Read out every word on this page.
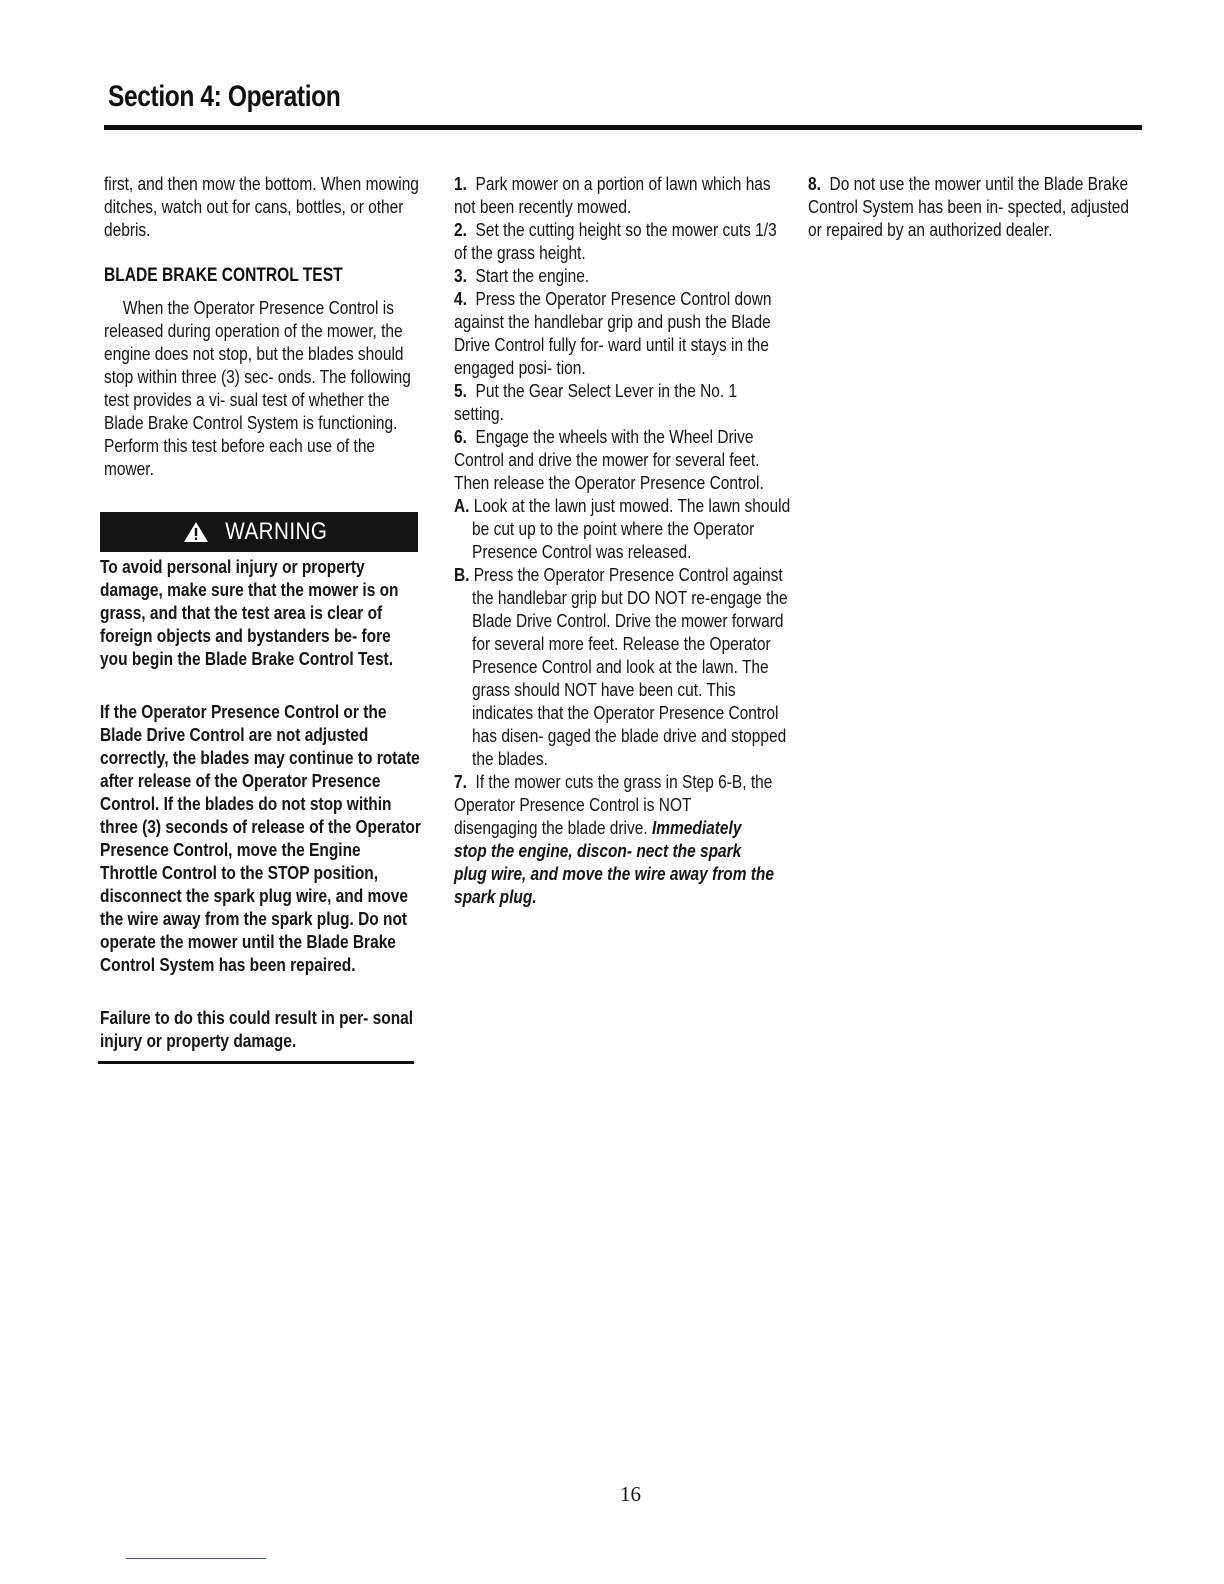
Section 4: Operation

first, and then mow the bottom. When mowing ditches, watch out for cans, bottles, or other debris.

BLADE BRAKE CONTROL TEST

When the Operator Presence Control is released during operation of the mower, the engine does not stop, but the blades should stop within three (3) sec- onds. The following test provides a vi- sual test of whether the Blade Brake Control System is functioning. Perform this test before each use of the mower.

WARNING

To avoid personal injury or property damage, make sure that the mower is on grass, and that the test area is clear of foreign objects and bystanders be- fore you begin the Blade Brake Control Test.

If the Operator Presence Control or the Blade Drive Control are not adjusted correctly, the blades may continue to rotate after release of the Operator Presence Control. If the blades do not stop within three (3) seconds of release of the Operator Presence Control, move the Engine Throttle Control to the STOP position, disconnect the spark plug wire, and move the wire away from the spark plug. Do not operate the mower until the Blade Brake Control System has been repaired.

Failure to do this could result in per- sonal injury or property damage.

1. Park mower on a portion of lawn which has not been recently mowed.

2. Set the cutting height so the mower cuts 1/3 of the grass height.

3. Start the engine.

4. Press the Operator Presence Control down against the handlebar grip and push the Blade Drive Control fully for- ward until it stays in the engaged posi- tion.

5. Put the Gear Select Lever in the No. 1 setting.

6. Engage the wheels with the Wheel Drive Control and drive the mower for several feet. Then release the Operator Presence Control.

A. Look at the lawn just mowed. The lawn should be cut up to the point where the Operator Presence Control was released.

B. Press the Operator Presence Control against the handlebar grip but DO NOT re-engage the Blade Drive Control. Drive the mower forward for several more feet. Release the Operator Presence Control and look at the lawn. The grass should NOT have been cut. This indicates that the Operator Presence Control has disen- gaged the blade drive and stopped the blades.

7. If the mower cuts the grass in Step 6-B, the Operator Presence Control is NOT disengaging the blade drive. Immediately stop the engine, discon- nect the spark plug wire, and move the wire away from the spark plug.

8. Do not use the mower until the Blade Brake Control System has been in- spected, adjusted or repaired by an authorized dealer.

16
